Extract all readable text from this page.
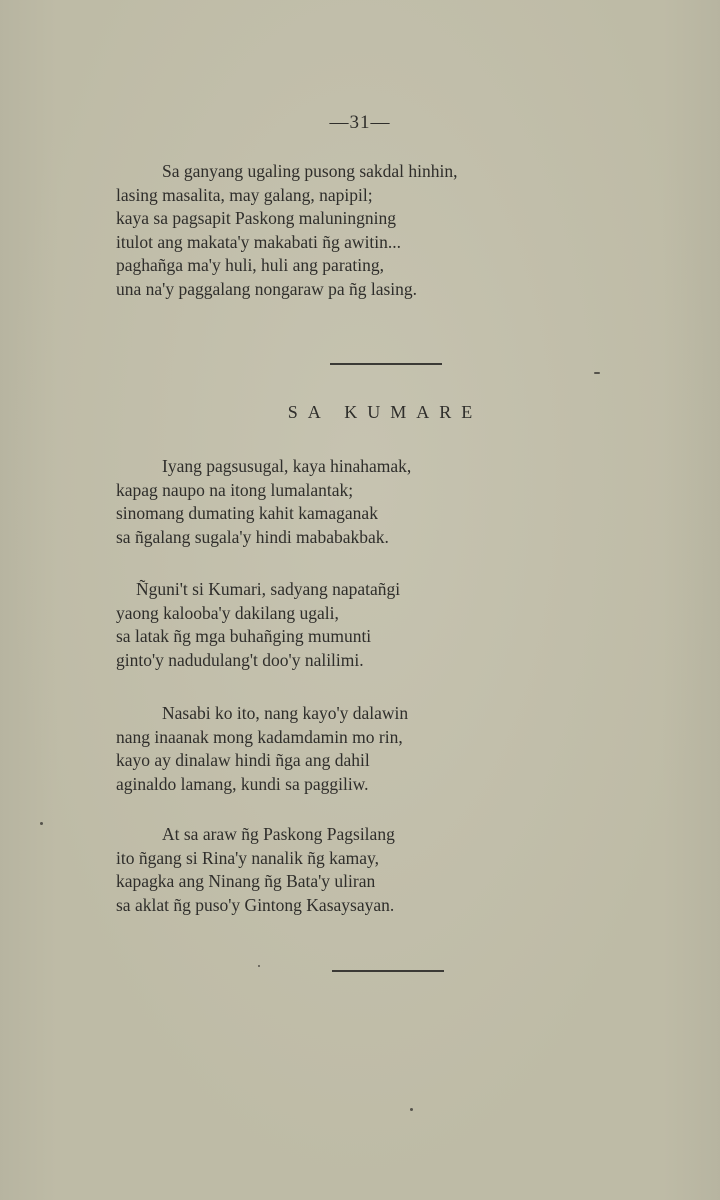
—31—
Sa ganyang ugaling pusong sakdal hinhin,
lasing masalita, may galang, napipil;
kaya sa pagsapit Paskong maluningning
itulot ang makata'y makabati ñg awitin...
paghañga ma'y huli, huli ang parating,
una na'y paggalang nongaraw pa ñg lasing.
SA KUMARE
Iyang pagsusugal, kaya hinahamak,
kapag naupo na itong lumalantak;
sinomang dumating kahit kamaganak
sa ñgalang sugala'y hindi mababakbak.
Ñguni't si Kumari, sadyang napatañgi
yaong kalooba'y dakilang ugali,
sa latak ñg mga buhañging mumunti
ginto'y nadudulang't doo'y nalilimi.
Nasabi ko ito, nang kayo'y dalawin
nang inaanak mong kadamdamin mo rin,
kayo ay dinalaw hindi ñga ang dahil
aginaldo lamang, kundi sa paggiliw.
At sa araw ñg Paskong Pagsilang
ito ñgang si Rina'y nanalik ñg kamay,
kapagka ang Ninang ñg Bata'y uliran
sa aklat ñg puso'y Gintong Kasaysayan.
